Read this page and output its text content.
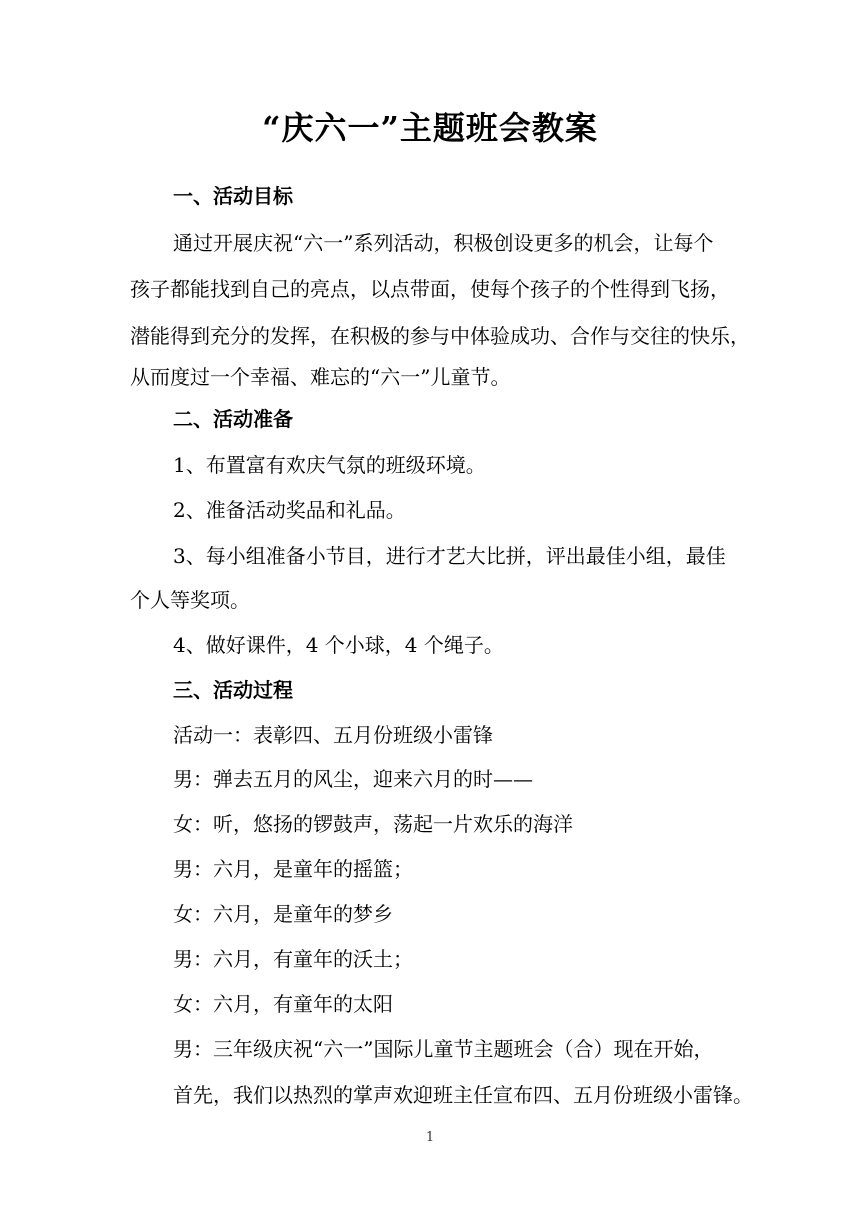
“庆六一”主题班会教案
一、活动目标
通过开展庆祝“六一”系列活动，积极创设更多的机会，让每个
孩子都能找到自己的亮点，以点带面，使每个孩子的个性得到飞扬，
潜能得到充分的发挥，在积极的参与中体验成功、合作与交往的快乐，
从而度过一个幸福、难忘的“六一”儿童节。
二、活动准备
1、布置富有欢庆气氛的班级环境。
2、准备活动奖品和礼品。
3、每小组准备小节目，进行才艺大比拼，评出最佳小组，最佳
个人等奖项。
4、做好课件，4 个小球，4 个绳子。
三、活动过程
活动一：表彰四、五月份班级小雷锋
男：弹去五月的风尘，迎来六月的时——
女：听，悠扬的锣鼓声，荡起一片欢乐的海洋
男：六月，是童年的摇篮；
女：六月，是童年的梦乡
男：六月，有童年的沃土；
女：六月，有童年的太阳
男：三年级庆祝“六一”国际儿童节主题班会（合）现在开始，
首先，我们以热烈的掌声欢迎班主任宣布四、五月份班级小雷锋。
1
